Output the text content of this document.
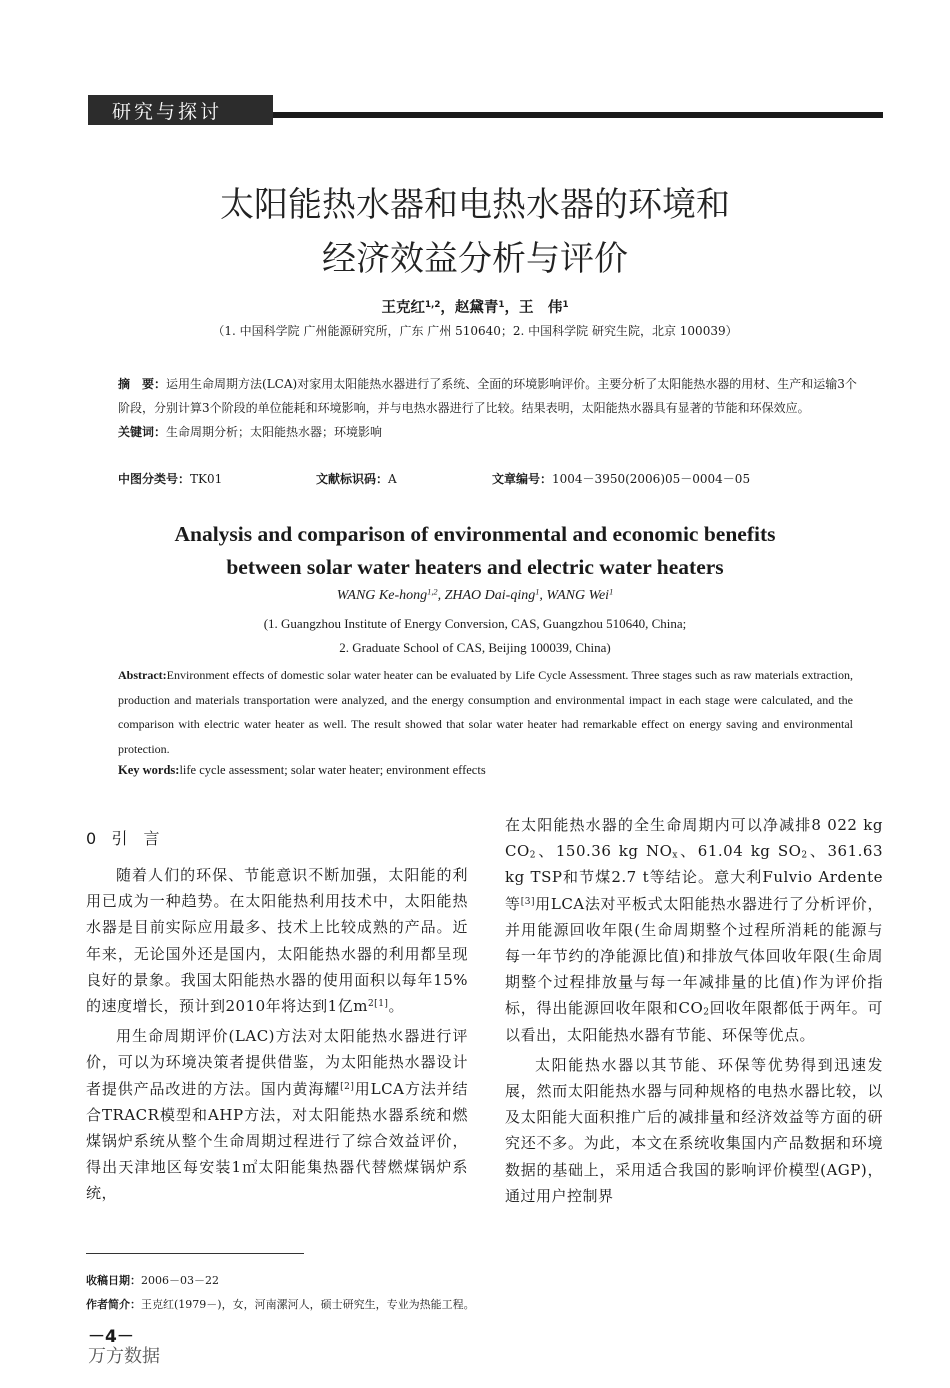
研究与探讨
太阳能热水器和电热水器的环境和
经济效益分析与评价
王克红$^{1,2}$，赵黛青$^1$，王　伟$^1$
（1. 中国科学院 广州能源研究所，广东 广州 510640；2. 中国科学院 研究生院，北京 100039）
摘　要：运用生命周期方法(LCA)对家用太阳能热水器进行了系统、全面的环境影响评价。主要分析了太阳能热水器的用材、生产和运输3个阶段，分别计算3个阶段的单位能耗和环境影响，并与电热水器进行了比较。结果表明，太阳能热水器具有显著的节能和环保效应。
关键词：生命周期分析；太阳能热水器；环境影响
中图分类号：TK01	文献标识码：A	文章编号：1004－3950(2006)05－0004－05
Analysis and comparison of environmental and economic benefits
between solar water heaters and electric water heaters
WANG Ke-hong$^{1,2}$, ZHAO Dai-qing$^1$, WANG Wei$^1$
(1. Guangzhou Institute of Energy Conversion, CAS, Guangzhou 510640, China;
2. Graduate School of CAS, Beijing 100039, China)
Abstract:Environment effects of domestic solar water heater can be evaluated by Life Cycle Assessment. Three stages such as raw materials extraction, production and materials transportation were analyzed, and the energy consumption and environmental impact in each stage were calculated, and the comparison with electric water heater as well. The result showed that solar water heater had remarkable effect on energy saving and environmental protection.
Key words:life cycle assessment; solar water heater; environment effects
0 引　言

随着人们的环保、节能意识不断加强，太阳能的利用已成为一种趋势。在太阳能热利用技术中，太阳能热水器是目前实际应用最多、技术上比较成熟的产品。近年来，无论国外还是国内，太阳能热水器的利用都呈现良好的景象。我国太阳能热水器的使用面积以每年15%的速度增长，预计到2010年将达到1亿$m^{2[1]}$。

用生命周期评价(LAC)方法对太阳能热水器进行评价，可以为环境决策者提供借鉴，为太阳能热水器设计者提供产品改进的方法。国内黄海耀[2]用LCA方法并结合TRACR模型和AHP方法，对太阳能热水器系统和燃煤锅炉系统从整个生命周期过程进行了综合效益评价，得出天津地区每安装1㎡太阳能集热器代替燃煤锅炉系统，

在太阳能热水器的全生命周期内可以净减排8 022 kg $CO_2$、150.36 kg $NO_x$、61.04 kg $SO_2$、361.63 kg TSP和节煤2.7 t等结论。意大利Fulvio Ardente等[3]用LCA法对平板式太阳能热水器进行了分析评价，并用能源回收年限(生命周期整个过程所消耗的能源与每一年节约的净能源比值)和排放气体回收年限(生命周期整个过程排放量与每一年减排量的比值)作为评价指标，得出能源回收年限和$CO_2$回收年限都低于两年。可以看出，太阳能热水器有节能、环保等优点。

太阳能热水器以其节能、环保等优势得到迅速发展，然而太阳能热水器与同种规格的电热水器比较，以及太阳能大面积推广后的减排量和经济效益等方面的研究还不多。为此，本文在系统收集国内产品数据和环境数据的基础上，采用适合我国的影响评价模型(AGP)，通过用户控制界

收稿日期：2006－03－22
作者简介：王克红(1979－)，女，河南漯河人，硕士研究生，专业为热能工程。
－4－
万方数据
